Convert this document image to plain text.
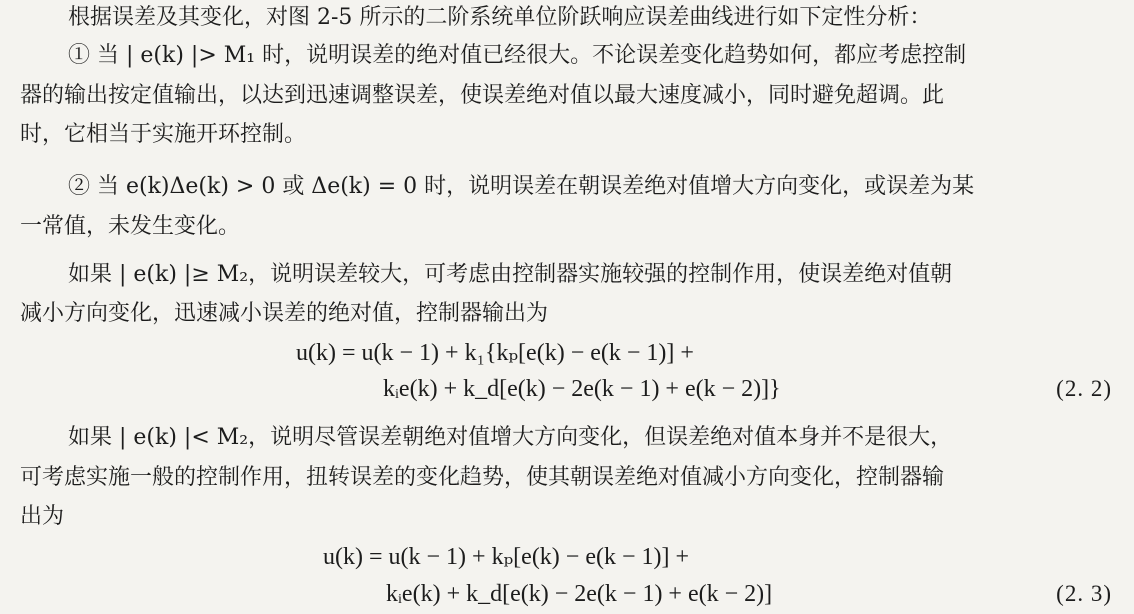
根据误差及其变化，对图 2-5 所示的二阶系统单位阶跃响应误差曲线进行如下定性分析：
① 当 | e(k) |> M₁ 时，说明误差的绝对值已经很大。不论误差变化趋势如何，都应考虑控制
器的输出按定值输出，以达到迅速调整误差，使误差绝对值以最大速度减小，同时避免超调。此
时，它相当于实施开环控制。
② 当 e(k)Δe(k) > 0 或 Δe(k) = 0 时，说明误差在朝误差绝对值增大方向变化，或误差为某
一常值，未发生变化。
如果 | e(k) |≥ M₂，说明误差较大，可考虑由控制器实施较强的控制作用，使误差绝对值朝
减小方向变化，迅速减小误差的绝对值，控制器输出为
u(k) = u(k − 1) + k₁{kₚ[e(k) − e(k − 1)] +
kᵢe(k) + k_d[e(k) − 2e(k − 1) + e(k − 2)]}	(2. 2)
如果 | e(k) |< M₂，说明尽管误差朝绝对值增大方向变化，但误差绝对值本身并不是很大，
可考虑实施一般的控制作用，扭转误差的变化趋势，使其朝误差绝对值减小方向变化，控制器输
出为
u(k) = u(k − 1) + kₚ[e(k) − e(k − 1)] +
kᵢe(k) + k_d[e(k) − 2e(k − 1) + e(k − 2)]	(2. 3)
